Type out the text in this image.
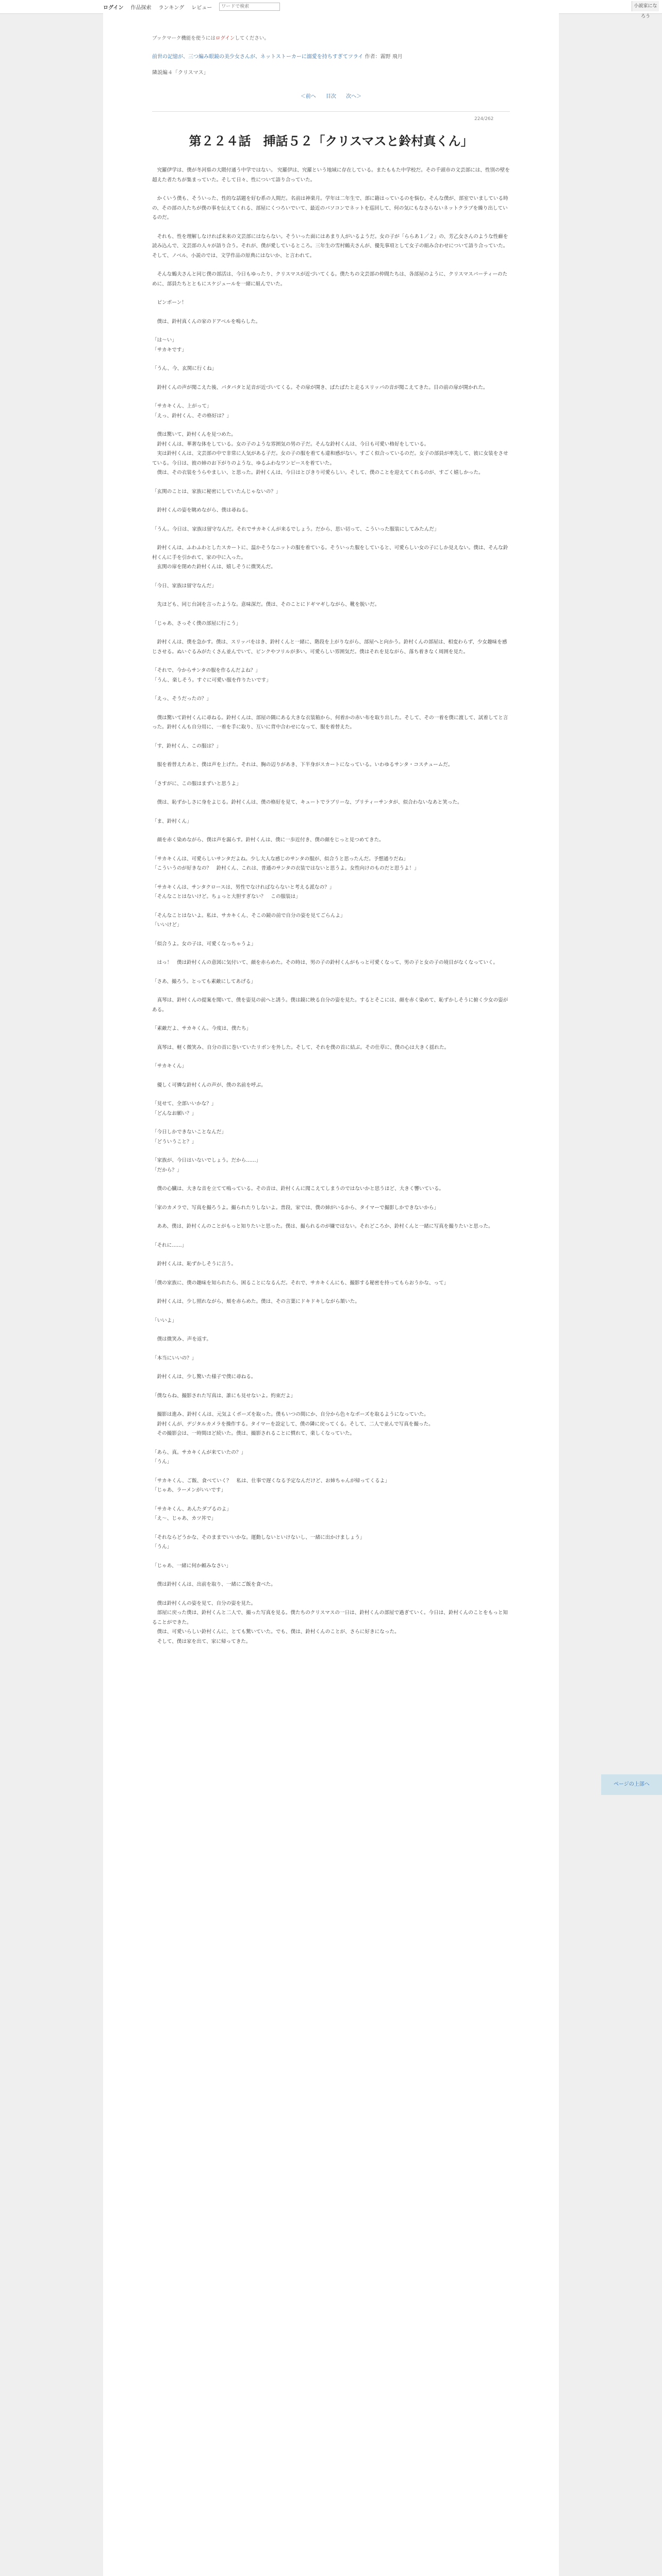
ログイン 作品探索 ランキング レビュー
ワードで検索	小説家になろう
ブックマーク機能を使うにはログインしてください。
前世の記憶が、三つ編み眼鏡の美少女さんが、ネットストーカーに溺愛を持ちすぎてツライ 作者：霧野 飛月
隣説編４「クリスマス」
＜前へ 目次 次へ＞
224/262
第２２４話　挿話５２「クリスマスと鈴村真くん」

　究羅伊学は、僕が冬河県の大隈付通う中学ではない。 究羅伊は、究羅という地域に存在している。またももた中学校だ。その千頭市の文芸部には、性別の壁を超えた者たちが集まっていた。そして日々、性について語り合っていた。

　かくいう僕も、そういった、性的な話題を好む系の人間だ。名前は神楽月。学年は二年生で、部に籍はっているのを悩む。そんな僕が、部室でいましている時の、その部の人たちが僕の事を伝えてくれる、部屋にくつろいでいて、最近のパソコンでネットを巡回して、何の気にもなさらないネットクラブを繰り出しているのだ。

　それも、性を理解しなければ未来の文芸部にはならない。そういった面にはあまり人がいるようだ。女の子が「ららあ１／２」の、芳乙女さんのような性癖を読み込んで、文芸部の人々が語り合う。それが、僕が愛しているところ。三年生の雪村鶴夫さんが、優先事項として女子の組み合わせについて語り合っていた。そして、ノベル、小説のでは、文学作品の原典にはないか、と言われて。

　そんな鶴夫さんと同じ僕の部活は、今日もゆったり、クリスマスが近づいてくる。僕たちの文芸部の仲間たちは、各部屋のように、クリスマスパーティーのために、部員たちとともにスケジュールを一緒に組んでいた。

　ピンポーン！

　僕は、鈴村真くんの家のドアベルを鳴らした。

「は〜い」
「サカキです」

「うん、今、玄関に行くね」

　鈴村くんの声が聞こえた後、パタパタと足音が近づいてくる。その扉が開き、ぱたぱたと走るスリッパの音が聞こえてきた。目の前の扉が開かれた。

「サカキくん、上がって」
「えっ、鈴村くん、その格好は？」

　僕は驚いて、鈴村くんを見つめた。
　鈴村くんは、華奢な体をしている。女の子のような雰囲気の男の子だ。そんな鈴村くんは、今日も可愛い格好をしている。
　実は鈴村くんは、文芸部の中で非常に人気がある子だ。女の子の服を着ても違和感がない。すごく似合っているのだ。女子の部員が率先して、彼に女装をさせている。今日は、彼の姉のお下がりのような、ゆるふわなワンピースを着ていた。
　僕は、その衣装をうらやましい、と思った。鈴村くんは、今日はとびきり可愛らしい。そして、僕のことを迎えてくれるのが、すごく嬉しかった。

「玄関のことは、家族に秘密にしていたんじゃないの？」

　鈴村くんの姿を眺めながら、僕は尋ねる。

「うん。今日は、家族は留守なんだ。それでサカキくんが来るでしょう。だから、思い切って、こういった服装にしてみたんだ」

　鈴村くんは、ふわふわとしたスカートに、温かそうなニットの服を着ている。そういった服をしていると、可愛らしい女の子にしか見えない。僕は、そんな鈴村くんに手を引かれて、家の中に入った。
　玄関の扉を閉めた鈴村くんは、嬉しそうに微笑んだ。

「今日、家族は留守なんだ」

　先ほども、同じ台詞を言ったような。意味深だ。僕は、そのことにドギマギしながら、靴を脱いだ。

「じゃあ、さっそく僕の部屋に行こう」

　鈴村くんは、僕を急かす。僕は、スリッパをはき、鈴村くんと一緒に、階段を上がりながら、部屋へと向かう。鈴村くんの部屋は、相変わらず、少女趣味を感じさせる。ぬいぐるみがたくさん並んでいて、ピンクやフリルが多い。可愛らしい雰囲気だ。僕はそれを見ながら、落ち着きなく周囲を見た。

「それで、今からサンタの服を作るんだよね？」
「うん、楽しそう。すぐに可愛い服を作りたいです」

「えっ、そうだったの？」

　僕は驚いて鈴村くんに尋ねる。鈴村くんは、部屋の隅にある大きな衣装箱から、何着かの赤い布を取り出した。そして、その一着を僕に渡して、試着してと言った。鈴村くんも自分用に、一着を手に取り、互いに背中合わせになって、服を着替えた。

「す、鈴村くん、この服は？」

　服を着替えたあと、僕は声を上げた。それは、胸の辺りがあき、下半身がスカートになっている。いわゆるサンタ・コスチュームだ。

「さすがに、この服はまずいと思うよ」

　僕は、恥ずかしさに身をよじる。鈴村くんは、僕の格好を見て、キュートでラブリーな、プリティーサンタが、似合わないなあと笑った。

「ま、鈴村くん」

　顔を赤く染めながら、僕は声を漏らす。鈴村くんは、僕に一歩近付き、僕の顔をじっと見つめてきた。

「サカキくんは、可愛らしいサンタだよね。少し大人な感じのサンタの服が、似合うと思ったんだ。予想通りだね」
「こういうのが好きなの？　鈴村くん、これは、普通のサンタの衣装ではないと思うよ。女性向けのものだと思うよ！」

「サカキくんは、サンタクロースは、男性でなければならないと考える派なの？」
「そんなことはないけど。ちょっと大胆すぎない？　この服装は」

「そんなことはないよ。私は、サカキくん、そこの鏡の前で自分の姿を見てごらんよ」
「いいけど」

「似合うよ。女の子は、可愛くなっちゃうよ」

　はっ！　僕は鈴村くんの意図に気付いて、顔を赤らめた。その時は、男の子の鈴村くんがもっと可愛くなって、男の子と女の子の境目がなくなっていく。

「さあ、撮ろう。とっても素敵にしてあげる」

　真琴は、鈴村くんの提案を聞いて、僕を姿見の前へと誘う。僕は鏡に映る自分の姿を見た。するとそこには、顔を赤く染めて、恥ずかしそうに俯く少女の姿がある。

「素敵だよ、サカキくん。今度は、僕たち」

　真琴は、軽く微笑み、自分の首に巻いていたリボンを外した。そして、それを僕の首に結ぶ。その仕草に、僕の心は大きく揺れた。

「サカキくん」

　優しく可憐な鈴村くんの声が、僕の名前を呼ぶ。

「見せて、全部いいかな？」
「どんなお願い？」

「今日しかできないことなんだ」
「どういうこと？」

「家族が、今日はいないでしょう。だから……」
「だから？」

　僕の心臓は、大きな音を立てて鳴っている。その音は、鈴村くんに聞こえてしまうのではないかと思うほど、大きく響いている。

「家のカメラで、写真を撮ろうよ。撮られたりしないよ。普段、家では、僕の姉がいるから、タイマーで撮影しかできないから」

　ああ、僕は、鈴村くんのことがもっと知りたいと思った。僕は、撮られるのが嫌ではない。それどころか、鈴村くんと一緒に写真を撮りたいと思った。

「それに……」

　鈴村くんは、恥ずかしそうに言う。

「僕の家族に、僕の趣味を知られたら、困ることになるんだ。それで、サカキくんにも、撮影する秘密を持ってもらおうかな、って」

　鈴村くんは、少し照れながら、頬を赤らめた。僕は、その言葉にドキドキしながら頷いた。

「いいよ」

　僕は微笑み、声を返す。

「本当にいいの？」

　鈴村くんは、少し驚いた様子で僕に尋ねる。

「僕ならね、撮影された写真は、誰にも見せないよ。約束だよ」

　撮影は進み、鈴村くんは、元気よくポーズを取った。僕もいつの間にか、自分から色々なポーズを取るようになっていた。
　鈴村くんが、デジタルカメラを操作する。タイマーを設定して、僕の隣に戻ってくる。そして、二人で並んで写真を撮った。
　その撮影会は、一時間ほど続いた。僕は、撮影されることに慣れて、楽しくなっていた。

「あら、真。サカキくんが来ていたの？」
「うん」

「サカキくん、ご飯、食べていく？　私は、仕事で遅くなる予定なんだけど、お姉ちゃんが帰ってくるよ」
「じゃあ、ラーメンがいいです」

「サカキくん、あんたダブるのよ」
「え〜、じゃあ、カツ丼で」

「それならどうかな、そのままでいいかな。運動しないといけないし、一緒に出かけましょう」
「うん」

「じゃあ、一緒に何か頼みなさい」

　僕は鈴村くんは、出前を取り、一緒にご飯を食べた。

　僕は鈴村くんの姿を見て、自分の姿を見た。
　部屋に戻った僕は、鈴村くんと二人で、撮った写真を見る。僕たちのクリスマスの一日は、鈴村くんの部屋で過ぎていく。今日は、鈴村くんのことをもっと知ることができた。
　僕は、可愛いらしい鈴村くんに、とても驚いていた。でも、僕は、鈴村くんのことが、さらに好きになった。
　そして、僕は家を出て、家に帰ってきた。

ページの上部へ
